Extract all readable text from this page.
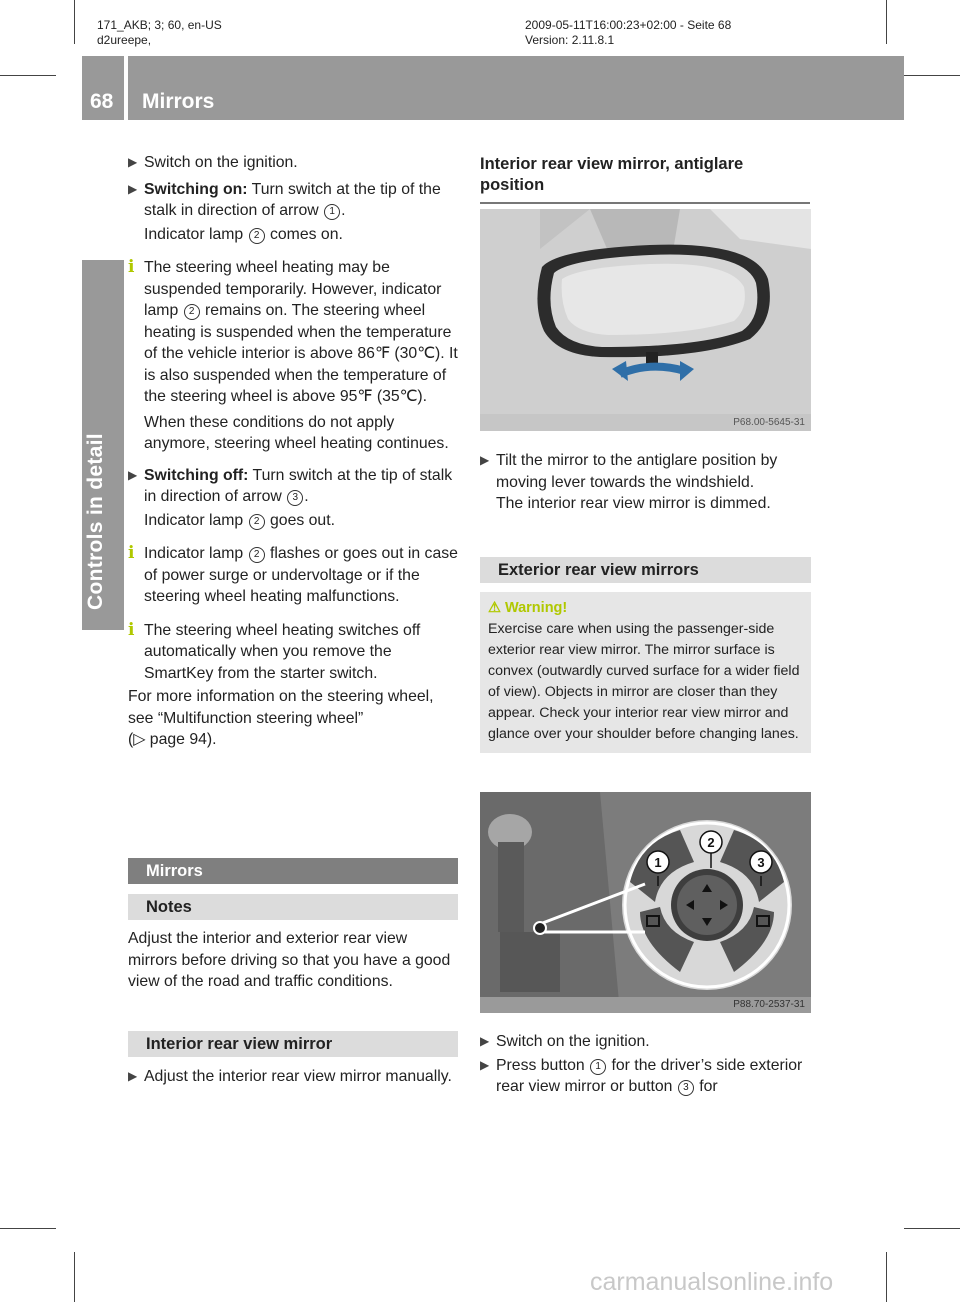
171_AKB; 3; 60, en-US
d2ureepe,
2009-05-11T16:00:23+02:00 - Seite 68
Version: 2.11.8.1
68 Mirrors
Controls in detail

▶ Switch on the ignition.

▶ Switching on: Turn switch at the tip of the stalk in direction of arrow 1 .

Indicator lamp 2 comes on.

i The steering wheel heating may be suspended temporarily. However, indicator lamp 2 remains on. The steering wheel heating is suspended when the temperature of the vehicle interior is above 86℉ (30℃). It is also suspended when the temperature of the steering wheel is above 95℉ (35℃).

When these conditions do not apply anymore, steering wheel heating continues.

▶ Switching off: Turn switch at the tip of stalk in direction of arrow 3 .

Indicator lamp 2 goes out.

i Indicator lamp 2 flashes or goes out in case of power surge or undervoltage or if the steering wheel heating malfunctions.

i The steering wheel heating switches off automatically when you remove the SmartKey from the starter switch.

For more information on the steering wheel, see “Multifunction steering wheel”
(▷ page 94).

Mirrors
Notes

Adjust the interior and exterior rear view mirrors before driving so that you have a good view of the road and traffic conditions.

Interior rear view mirror

▶ Adjust the interior rear view mirror manually.

Interior rear view mirror, antiglare position
P68.00-5645-31

▶ Tilt the mirror to the antiglare position by moving lever towards the windshield.

The interior rear view mirror is dimmed.

Exterior rear view mirrors
⚠ Warning!
Exercise care when using the passenger-side exterior rear view mirror. The mirror surface is convex (outwardly curved surface for a wider field of view). Objects in mirror are closer than they appear. Check your interior rear view mirror and glance over your shoulder before changing lanes.
1
2
3
P88.70-2537-31

▶ Switch on the ignition.

▶ Press button 1 for the driver’s side exterior rear view mirror or button 3 for

carmanualsonline.info
